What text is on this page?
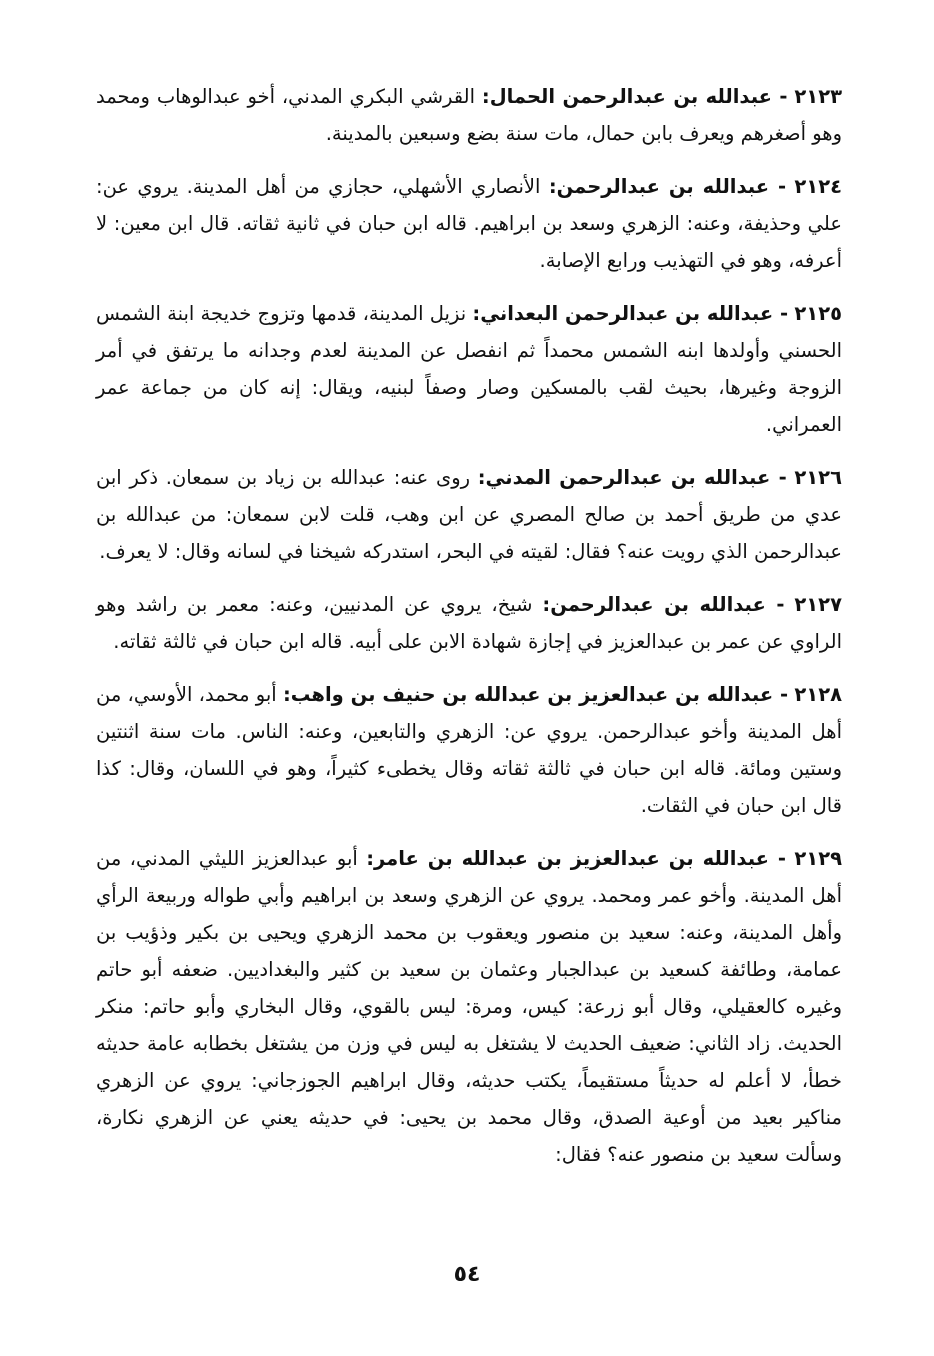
٢١٢٣ - عبدالله بن عبدالرحمن الحمال: القرشي البكري المدني، أخو عبدالوهاب ومحمد وهو أصغرهم ويعرف بابن حمال، مات سنة بضع وسبعين بالمدينة.

٢١٢٤ - عبدالله بن عبدالرحمن: الأنصاري الأشهلي، حجازي من أهل المدينة. يروي عن: علي وحذيفة، وعنه: الزهري وسعد بن ابراهيم. قاله ابن حبان في ثانية ثقاته. قال ابن معين: لا أعرفه، وهو في التهذيب ورابع الإصابة.

٢١٢٥ - عبدالله بن عبدالرحمن البعداني: نزيل المدينة، قدمها وتزوج خديجة ابنة الشمس الحسني وأولدها ابنه الشمس محمداً ثم انفصل عن المدينة لعدم وجدانه ما يرتفق في أمر الزوجة وغيرها، بحيث لقب بالمسكين وصار وصفاً لبنيه، ويقال: إنه كان من جماعة عمر العمراني.

٢١٢٦ - عبدالله بن عبدالرحمن المدني: روى عنه: عبدالله بن زياد بن سمعان. ذكر ابن عدي من طريق أحمد بن صالح المصري عن ابن وهب، قلت لابن سمعان: من عبدالله بن عبدالرحمن الذي رويت عنه؟ فقال: لقيته في البحر، استدركه شيخنا في لسانه وقال: لا يعرف.

٢١٢٧ - عبدالله بن عبدالرحمن: شيخ، يروي عن المدنيين، وعنه: معمر بن راشد وهو الراوي عن عمر بن عبدالعزيز في إجازة شهادة الابن على أبيه. قاله ابن حبان في ثالثة ثقاته.

٢١٢٨ - عبدالله بن عبدالعزيز بن عبدالله بن حنيف بن واهب: أبو محمد، الأوسي، من أهل المدينة وأخو عبدالرحمن. يروي عن: الزهري والتابعين، وعنه: الناس. مات سنة اثنتين وستين ومائة. قاله ابن حبان في ثالثة ثقاته وقال يخطىء كثيراً، وهو في اللسان، وقال: كذا قال ابن حبان في الثقات.

٢١٢٩ - عبدالله بن عبدالعزيز بن عبدالله بن عامر: أبو عبدالعزيز الليثي المدني، من أهل المدينة. وأخو عمر ومحمد. يروي عن الزهري وسعد بن ابراهيم وأبي طواله وربيعة الرأي وأهل المدينة، وعنه: سعيد بن منصور ويعقوب بن محمد الزهري ويحيى بن بكير وذؤيب بن عمامة، وطائفة كسعيد بن عبدالجبار وعثمان بن سعيد بن كثير والبغداديين. ضعفه أبو حاتم وغيره كالعقيلي، وقال أبو زرعة: كيس، ومرة: ليس بالقوي، وقال البخاري وأبو حاتم: منكر الحديث. زاد الثاني: ضعيف الحديث لا يشتغل به ليس في وزن من يشتغل بخطابه عامة حديثه خطأ، لا أعلم له حديثاً مستقيماً، يكتب حديثه، وقال ابراهيم الجوزجاني: يروي عن الزهري مناكير بعيد من أوعية الصدق، وقال محمد بن يحيى: في حديثه يعني عن الزهري نكارة، وسألت سعيد بن منصور عنه؟ فقال:

٥٤
